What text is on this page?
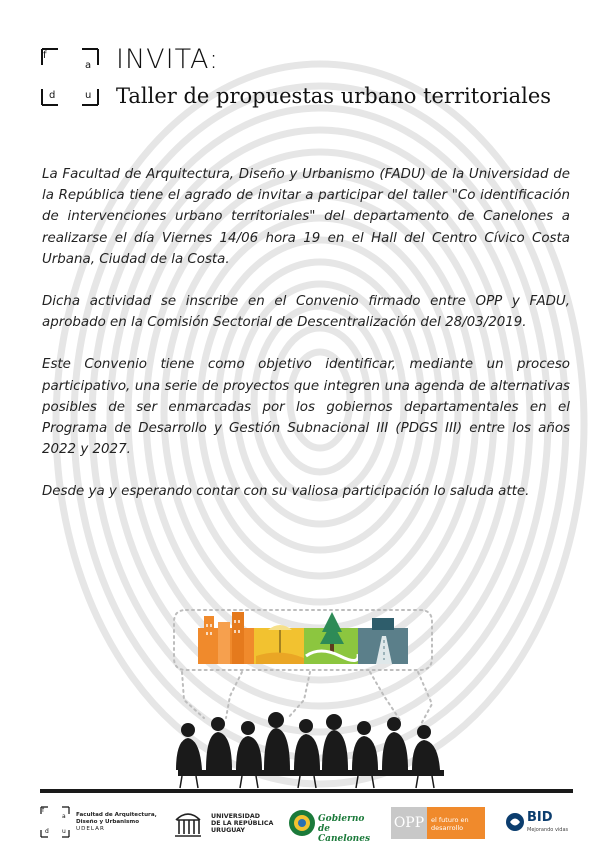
f
a
d	u
INVITA:
Taller de propuestas urbano territoriales

La Facultad de Arquitectura, Diseño y Urbanismo (FADU) de la Universidad de la República tiene el agrado de invitar a participar del taller "Co identificación de intervenciones urbano territoriales" del departamento de Canelones a realizarse el día Viernes 14/06 hora 19 en el Hall del Centro Cívico Costa Urbana, Ciudad de la Costa.

Dicha actividad se inscribe en el Convenio firmado entre OPP y FADU, aprobado en la Comisión Sectorial de Descentralización del 28/03/2019.

Este Convenio tiene como objetivo identificar, mediante un proceso participativo, una serie de proyectos que integren una agenda de alternativas posibles de ser enmarcadas por los gobiernos departamentales en el Programa de Desarrollo y Gestión Subnacional III (PDGS III) entre los años 2022 y 2027.

Desde ya y esperando contar con su valiosa participación lo saluda atte.

f
a
d u
Facultad de Arquitectura,
Diseño y Urbanismo
UDELAR
UNIVERSIDAD
DE LA REPÚBLICA
URUGUAY
Gobierno de
Canelones
OPP	el futuro en
desarrollo
BID
Mejorando vidas
